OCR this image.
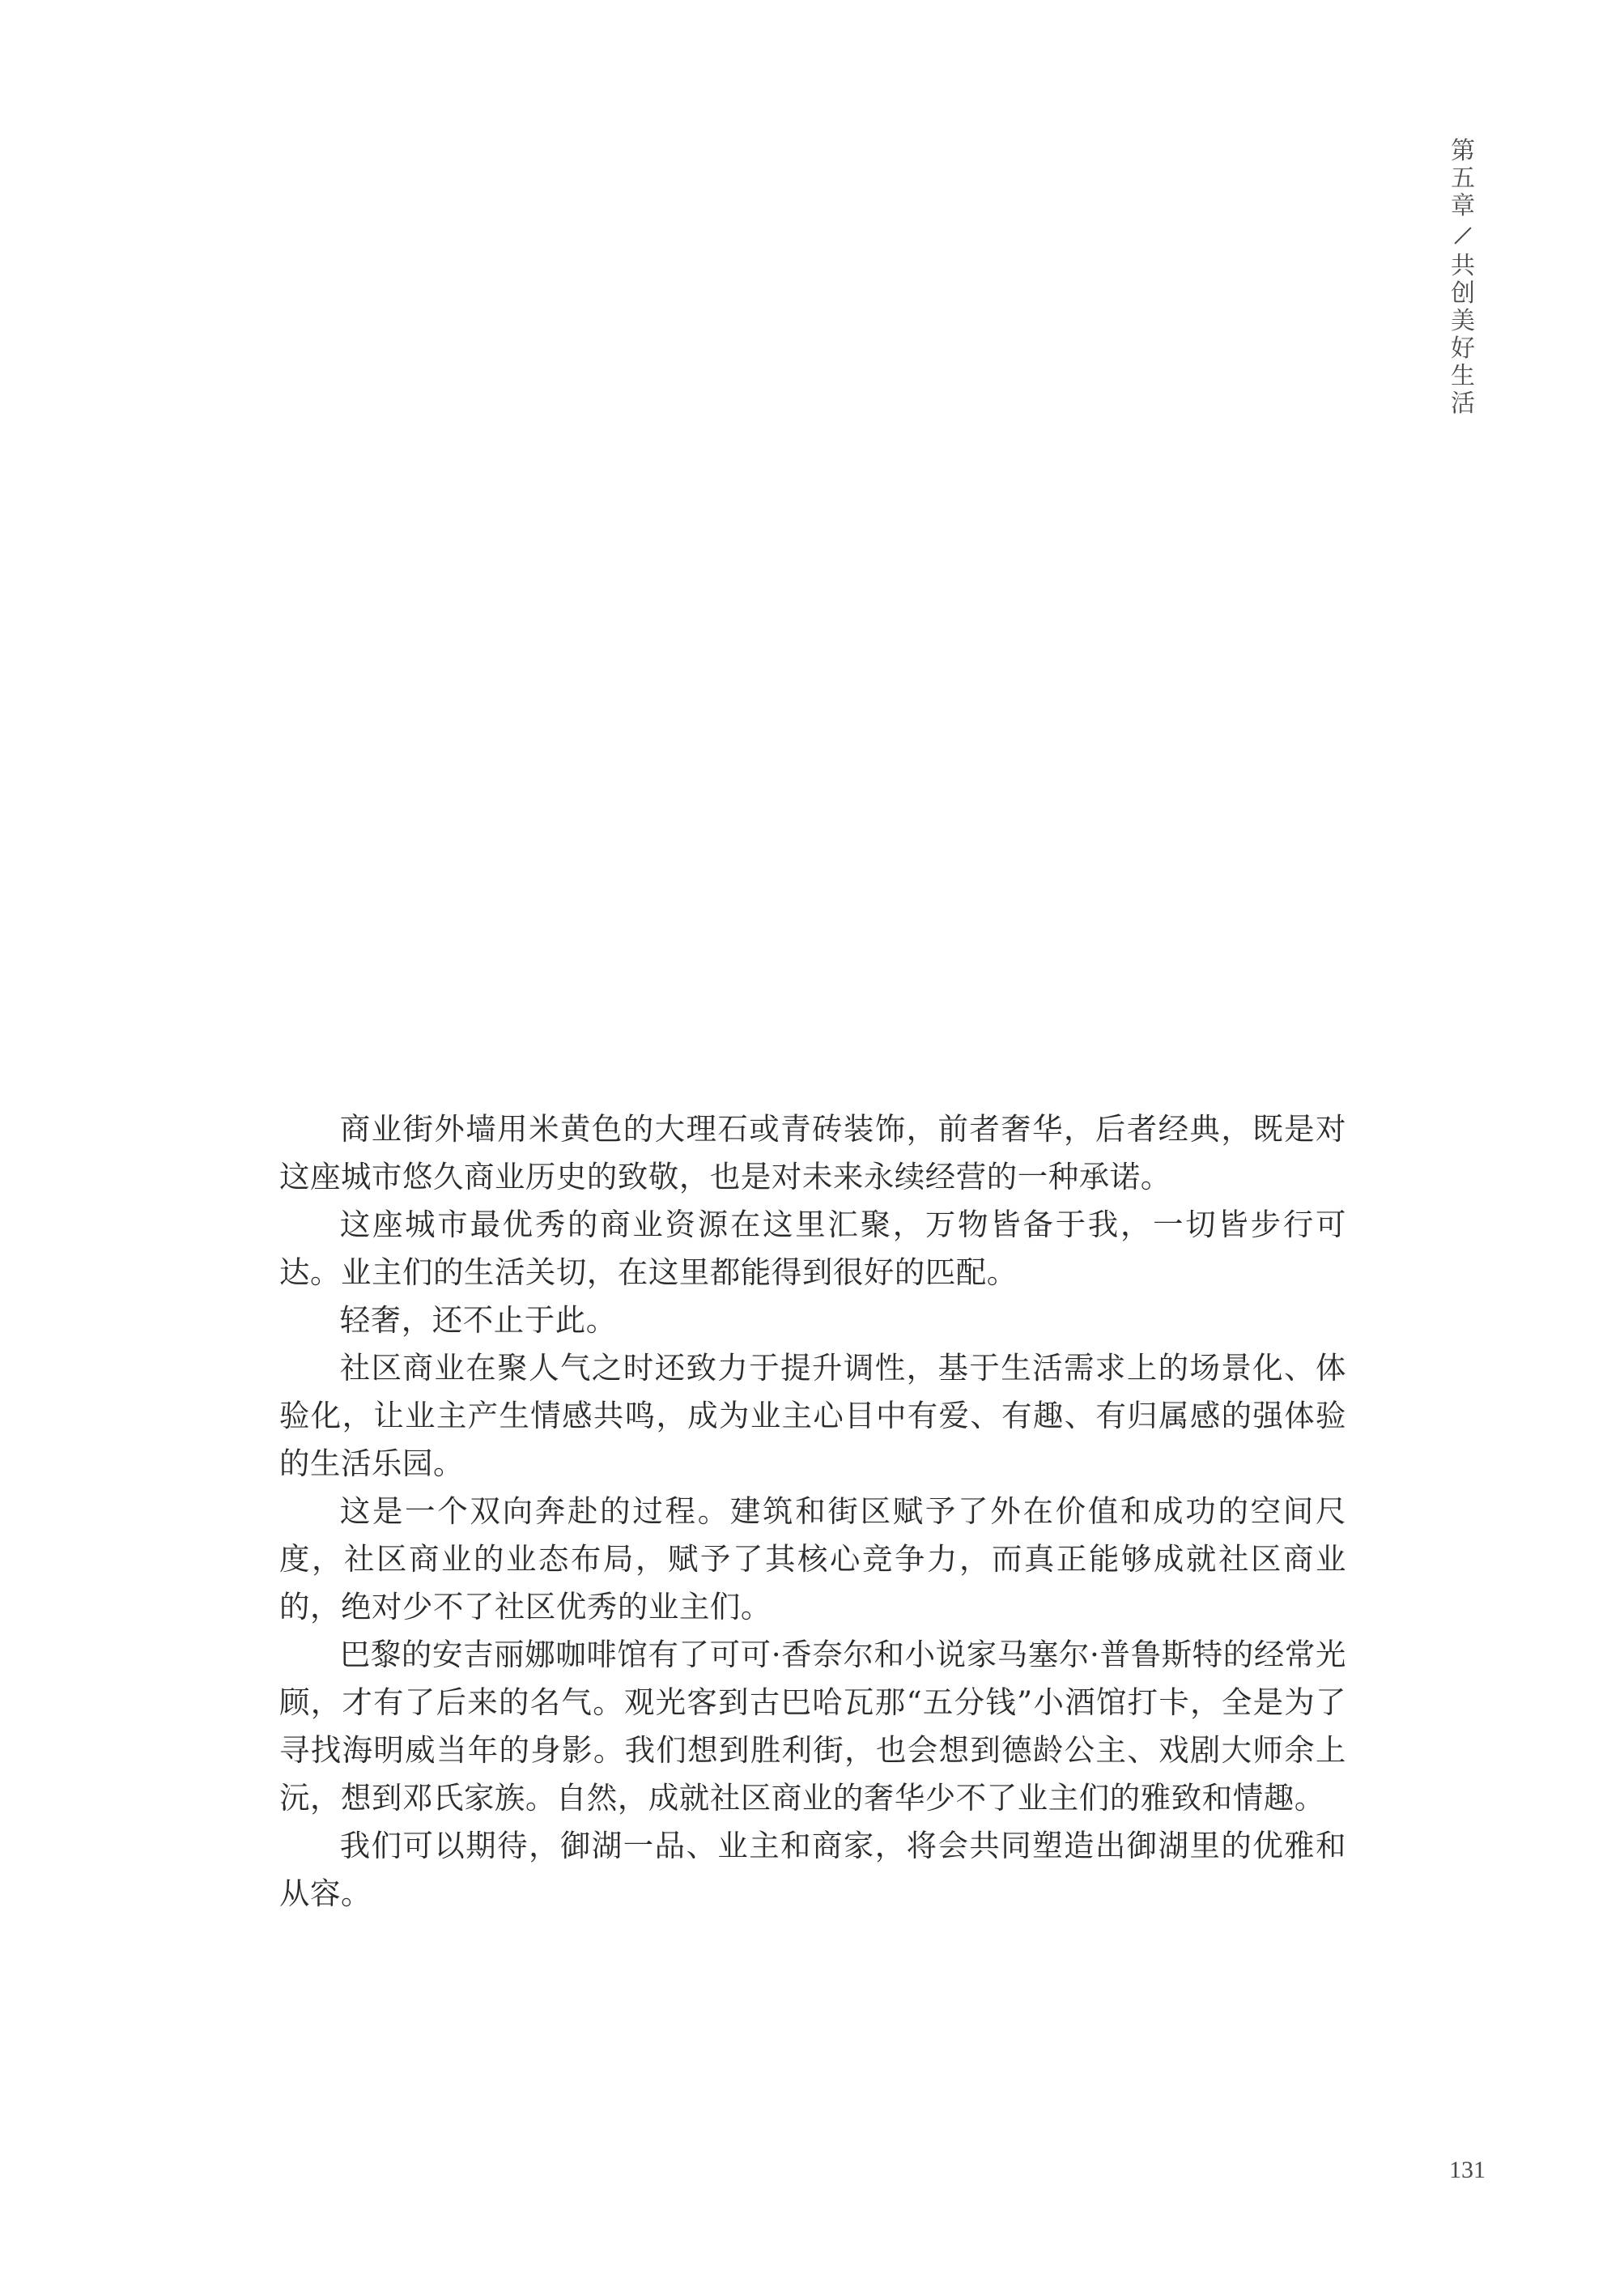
第
五
章
共
创
美
好
生
活

商业街外墙用米黄色的大理石或青砖装饰，前者奢华，后者经典，既是对这座城市悠久商业历史的致敬，也是对未来永续经营的一种承诺。

这座城市最优秀的商业资源在这里汇聚，万物皆备于我，一切皆步行可达。业主们的生活关切，在这里都能得到很好的匹配。

轻奢，还不止于此。

社区商业在聚人气之时还致力于提升调性，基于生活需求上的场景化、体验化，让业主产生情感共鸣，成为业主心目中有爱、有趣、有归属感的强体验的生活乐园。

这是一个双向奔赴的过程。建筑和街区赋予了外在价值和成功的空间尺度，社区商业的业态布局，赋予了其核心竞争力，而真正能够成就社区商业的，绝对少不了社区优秀的业主们。

巴黎的安吉丽娜咖啡馆有了可可·香奈尔和小说家马塞尔·普鲁斯特的经常光顾，才有了后来的名气。观光客到古巴哈瓦那“五分钱”小酒馆打卡，全是为了寻找海明威当年的身影。我们想到胜利街，也会想到德龄公主、戏剧大师余上沅，想到邓氏家族。自然，成就社区商业的奢华少不了业主们的雅致和情趣。

我们可以期待，御湖一品、业主和商家，将会共同塑造出御湖里的优雅和从容。

131
